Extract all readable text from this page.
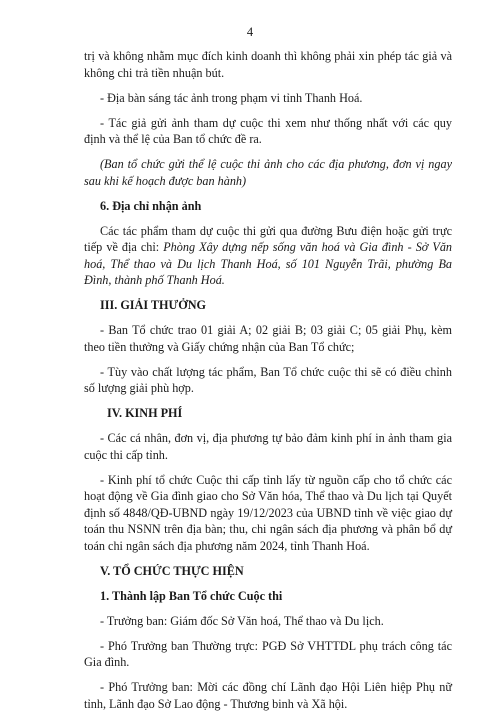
4

trị và không nhằm mục đích kinh doanh thì không phải xin phép tác giả và không chi trả tiền nhuận bút.

- Địa bàn sáng tác ảnh trong phạm vi tỉnh Thanh Hoá.

- Tác giả gửi ảnh tham dự cuộc thi xem như thống nhất với các quy định và thể lệ của Ban tổ chức đề ra.

(Ban tổ chức gửi thể lệ cuộc thi ảnh cho các địa phương, đơn vị ngay sau khi kế hoạch được ban hành)

6. Địa chỉ nhận ảnh

Các tác phẩm tham dự cuộc thi gửi qua đường Bưu điện hoặc gửi trực tiếp về địa chỉ: Phòng Xây dựng nếp sống văn hoá và Gia đình - Sở Văn hoá, Thể thao và Du lịch Thanh Hoá, số 101 Nguyễn Trãi, phường Ba Đình, thành phố Thanh Hoá.

III. GIẢI THƯỞNG

- Ban Tổ chức trao 01 giải A; 02 giải B; 03 giải C; 05 giải Phụ, kèm theo tiền thưởng và Giấy chứng nhận của Ban Tổ chức;

- Tùy vào chất lượng tác phẩm, Ban Tổ chức cuộc thi sẽ có điều chỉnh số lượng giải phù hợp.

IV. KINH PHÍ

- Các cá nhân, đơn vị, địa phương tự bảo đảm kinh phí in ảnh tham gia cuộc thi cấp tỉnh.

- Kinh phí tổ chức Cuộc thi cấp tỉnh lấy từ nguồn cấp cho tổ chức các hoạt động về Gia đình giao cho Sở Văn hóa, Thể thao và Du lịch tại Quyết định số 4848/QĐ-UBND ngày 19/12/2023 của UBND tỉnh về việc giao dự toán thu NSNN trên địa bàn; thu, chi ngân sách địa phương và phân bổ dự toán chi ngân sách địa phương năm 2024, tỉnh Thanh Hoá.

V. TỔ CHỨC THỰC HIỆN
1. Thành lập Ban Tổ chức Cuộc thi

- Trưởng ban: Giám đốc Sở Văn hoá, Thể thao và Du lịch.

- Phó Trưởng ban Thường trực: PGĐ Sở VHTTDL phụ trách công tác Gia đình.

- Phó Trưởng ban: Mời các đồng chí Lãnh đạo Hội Liên hiệp Phụ nữ tỉnh, Lãnh đạo Sở Lao động - Thương binh và Xã hội.
